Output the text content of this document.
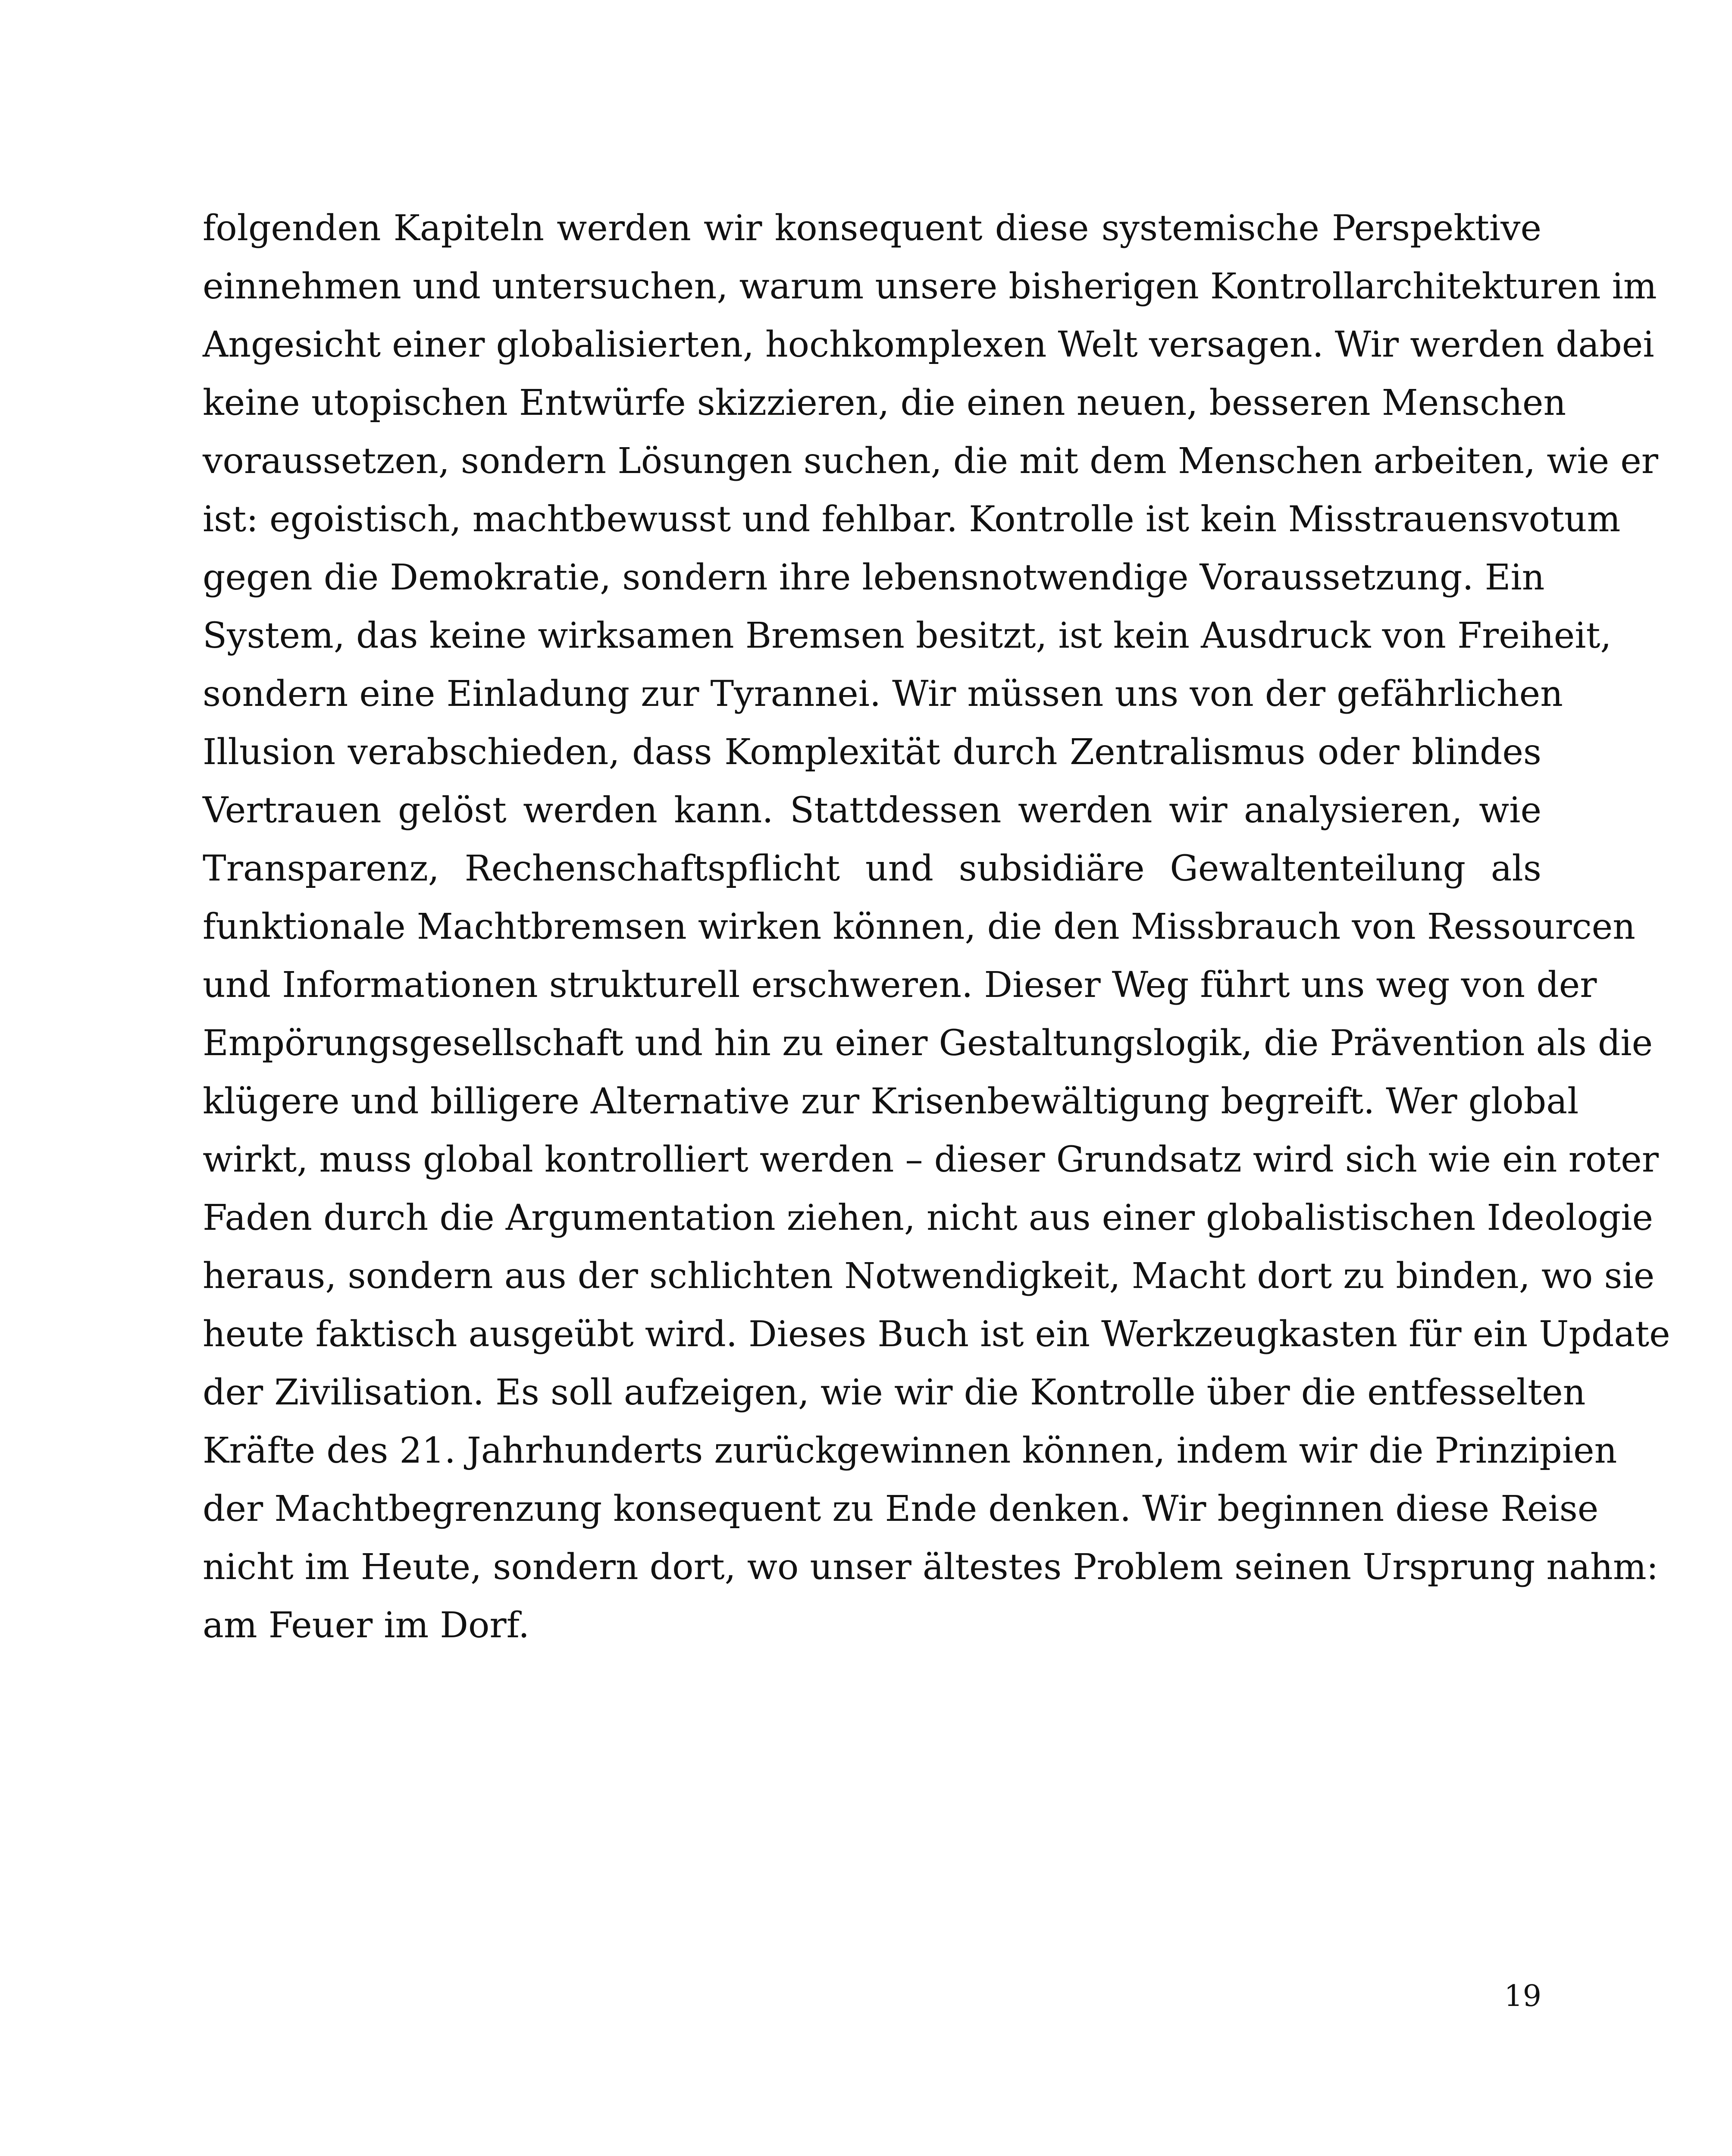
folgenden Kapiteln werden wir konsequent diese systemische Perspektive

einnehmen und untersuchen, warum unsere bisherigen Kontrollarchitekturen im

Angesicht einer globalisierten, hochkomplexen Welt versagen. Wir werden dabei

keine utopischen Entwürfe skizzieren, die einen neuen, besseren Menschen

voraussetzen, sondern Lösungen suchen, die mit dem Menschen arbeiten, wie er

ist: egoistisch, machtbewusst und fehlbar. Kontrolle ist kein Misstrauensvotum

gegen die Demokratie, sondern ihre lebensnotwendige Voraussetzung. Ein

System, das keine wirksamen Bremsen besitzt, ist kein Ausdruck von Freiheit,

sondern eine Einladung zur Tyrannei. Wir müssen uns von der gefährlichen

Illusion verabschieden, dass Komplexität durch Zentralismus oder blindes

Vertrauen gelöst werden kann. Stattdessen werden wir analysieren, wie

Transparenz, Rechenschaftspflicht und subsidiäre Gewaltenteilung als

funktionale Machtbremsen wirken können, die den Missbrauch von Ressourcen

und Informationen strukturell erschweren. Dieser Weg führt uns weg von der

Empörungsgesellschaft und hin zu einer Gestaltungslogik, die Prävention als die

klügere und billigere Alternative zur Krisenbewältigung begreift. Wer global

wirkt, muss global kontrolliert werden – dieser Grundsatz wird sich wie ein roter

Faden durch die Argumentation ziehen, nicht aus einer globalistischen Ideologie

heraus, sondern aus der schlichten Notwendigkeit, Macht dort zu binden, wo sie

heute faktisch ausgeübt wird. Dieses Buch ist ein Werkzeugkasten für ein Update

der Zivilisation. Es soll aufzeigen, wie wir die Kontrolle über die entfesselten

Kräfte des 21. Jahrhunderts zurückgewinnen können, indem wir die Prinzipien

der Machtbegrenzung konsequent zu Ende denken. Wir beginnen diese Reise

nicht im Heute, sondern dort, wo unser ältestes Problem seinen Ursprung nahm:

am Feuer im Dorf.

19
